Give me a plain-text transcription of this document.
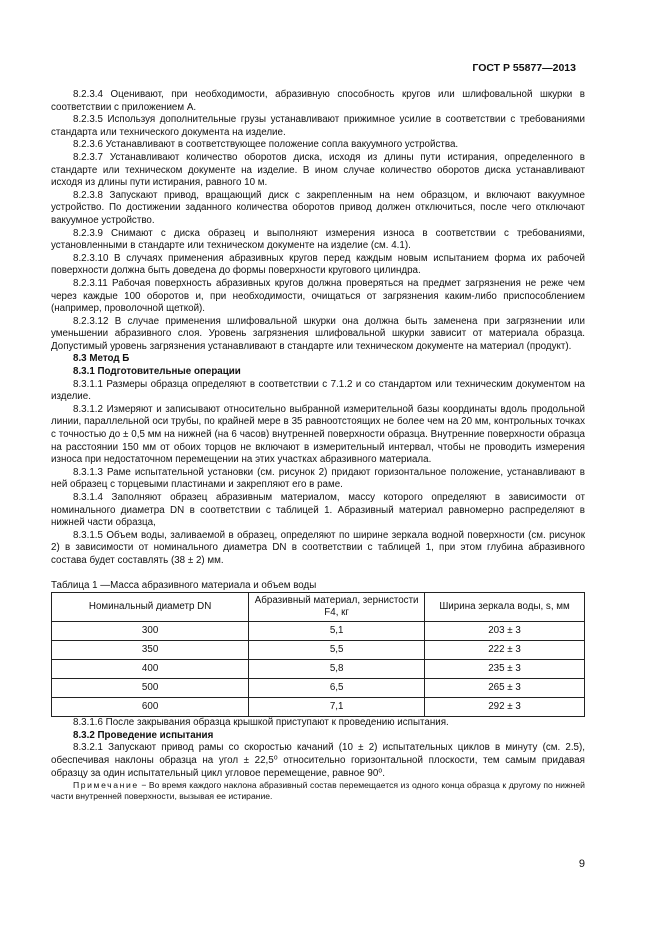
ГОСТ Р 55877—2013

8.2.3.4 Оценивают, при необходимости, абразивную способность кругов или шлифовальной шкурки в соответствии с приложением А.

8.2.3.5 Используя дополнительные грузы устанавливают прижимное усилие в соответствии с требованиями стандарта или технического документа на изделие.

8.2.3.6 Устанавливают в соответствующее положение сопла вакуумного устройства.

8.2.3.7 Устанавливают количество оборотов диска, исходя из длины пути истирания, определенного в стандарте или техническом документе на изделие. В ином случае количество оборотов диска устанавливают исходя из длины пути истирания, равного 10 м.

8.2.3.8 Запускают привод, вращающий диск с закрепленным на нем образцом, и включают вакуумное устройство. По достижении заданного количества оборотов привод должен отключиться, после чего отключают вакуумное устройство.

8.2.3.9 Снимают с диска образец и выполняют измерения износа в соответствии с требованиями, установленными в стандарте или техническом документе на изделие (см. 4.1).

8.2.3.10 В случаях применения абразивных кругов перед каждым новым испытанием форма их рабочей поверхности должна быть доведена до формы поверхности кругового цилиндра.

8.2.3.11 Рабочая поверхность абразивных кругов должна проверяться на предмет загрязнения не реже чем через каждые 100 оборотов и, при необходимости, очищаться от загрязнения каким-либо приспособлением (например, проволочной щеткой).

8.2.3.12 В случае применения шлифовальной шкурки она должна быть заменена при загрязнении или уменьшении абразивного слоя. Уровень загрязнения шлифовальной шкурки зависит от материала образца. Допустимый уровень загрязнения устанавливают в стандарте или техническом документе на материал (продукт).

8.3 Метод Б

8.3.1 Подготовительные операции

8.3.1.1 Размеры образца определяют в соответствии с 7.1.2 и со стандартом или техническим документом на изделие.

8.3.1.2 Измеряют и записывают относительно выбранной измерительной базы координаты вдоль продольной линии, параллельной оси трубы, по крайней мере в 35 равноотстоящих не более чем на 20 мм, контрольных точках с точностью до ± 0,5 мм на нижней (на 6 часов) внутренней поверхности образца. Внутренние поверхности образца на расстоянии 150 мм от обоих торцов не включают в измерительный интервал, чтобы не проводить измерения износа при недостаточном перемещении на этих участках абразивного материала.

8.3.1.3 Раме испытательной установки (см. рисунок 2) придают горизонтальное положение, устанавливают в ней образец с торцевыми пластинами и закрепляют его в раме.

8.3.1.4 Заполняют образец абразивным материалом, массу которого определяют в зависимости от номинального диаметра DN в соответствии с таблицей 1. Абразивный материал равномерно распределяют в нижней части образца,

8.3.1.5 Объем воды, заливаемой в образец, определяют по ширине зеркала водной поверхности (см. рисунок 2) в зависимости от номинального диаметра DN в соответствии с таблицей 1, при этом глубина абразивного состава будет составлять (38 ± 2) мм.

Таблица 1 —Масса абразивного материала и объем воды

Номинальный диаметр DN	Абразивный материал, зернистости F4, кг	Ширина зеркала воды, s, мм
300	5,1	203 ± 3
350	5,5	222 ± 3
400	5,8	235 ± 3
500	6,5	265 ± 3
600	7,1	292 ± 3

8.3.1.6 После закрывания образца крышкой приступают к проведению испытания.

8.3.2 Проведение испытания

8.3.2.1 Запускают привод рамы со скоростью качаний (10 ± 2) испытательных циклов в минуту (см. 2.5), обеспечивая наклоны образца на угол ± 22,5⁰ относительно горизонтальной плоскости, тем самым придавая образцу за один испытательный цикл угловое перемещение, равное 90⁰.

Примечание − Во время каждого наклона абразивный состав перемещается из одного конца образца к другому по нижней части внутренней поверхности, вызывая ее истирание.

9
